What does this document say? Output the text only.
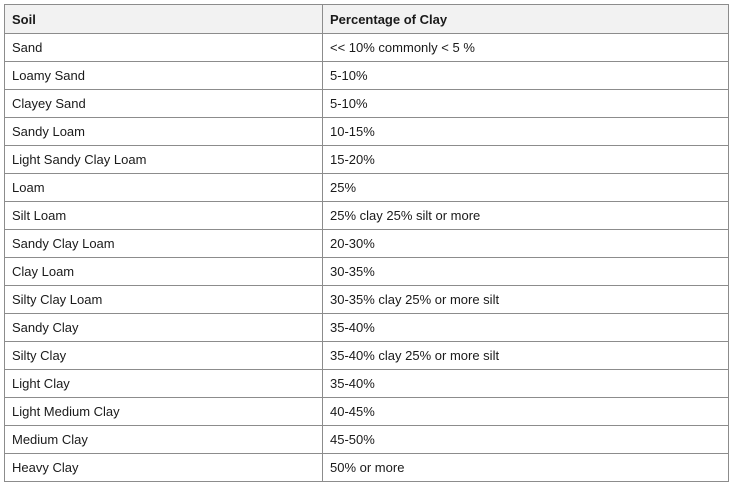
Soil	Percentage of Clay
Sand	<< 10% commonly < 5 %
Loamy Sand	5-10%
Clayey Sand	5-10%
Sandy Loam	10-15%
Light Sandy Clay Loam	15-20%
Loam	25%
Silt Loam	25% clay 25% silt or more
Sandy Clay Loam	20-30%
Clay Loam	30-35%
Silty Clay Loam	30-35% clay 25% or more silt
Sandy Clay	35-40%
Silty Clay	35-40% clay 25% or more silt
Light Clay	35-40%
Light Medium Clay	40-45%
Medium Clay	45-50%
Heavy Clay	50% or more
